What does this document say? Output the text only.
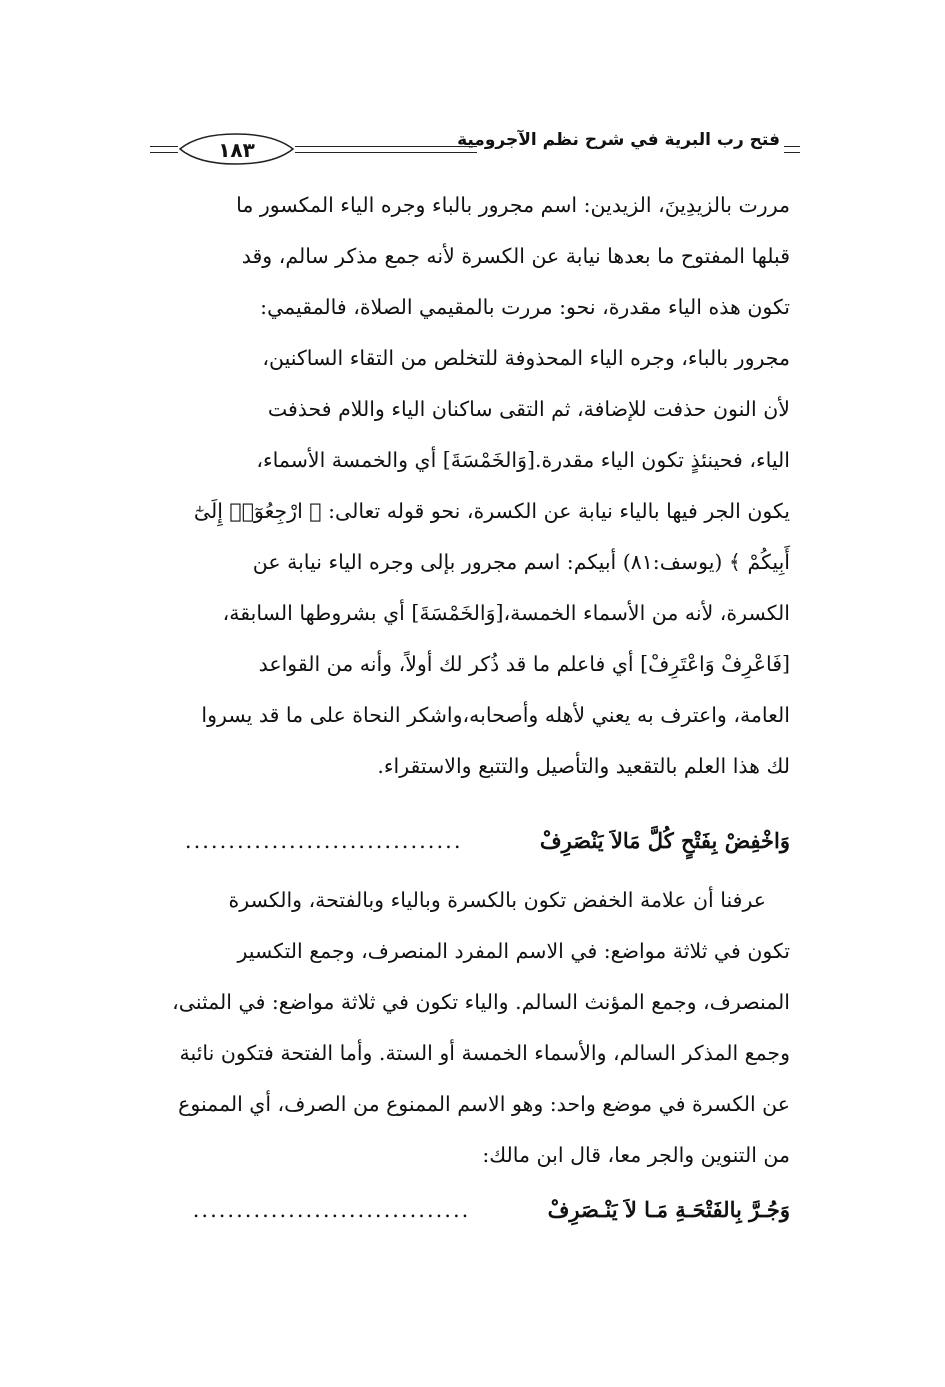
فتح رب البرية في شرح نظم الآجرومية
١٨٣
مررت بالزيدِينَ، الزيدين: اسم مجرور بالباء وجره الياء المكسور ما
قبلها المفتوح ما بعدها نيابة عن الكسرة لأنه جمع مذكر سالم، وقد
تكون هذه الياء مقدرة، نحو: مررت بالمقيمي الصلاة، فالمقيمي:
مجرور بالباء، وجره الياء المحذوفة للتخلص من التقاء الساكنين،
لأن النون حذفت للإضافة، ثم التقى ساكنان الياء واللام فحذفت
الياء، فحينئذٍ تكون الياء مقدرة.[وَالخَمْسَةَ] أي والخمسة الأسماء،
يكون الجر فيها بالياء نيابة عن الكسرة، نحو قوله تعالى: ﴿ ارْجِعُوٓا۟ إِلَىٰٓ
أَبِيكُمْ ﴾ (يوسف:٨١) أبيكم: اسم مجرور بإلى وجره الياء نيابة عن
الكسرة، لأنه من الأسماء الخمسة،[وَالخَمْسَةَ] أي بشروطها السابقة،
[فَاعْرِفْ وَاعْتَرِفْ] أي فاعلم ما قد ذُكر لك أولاً، وأنه من القواعد
العامة، واعترف به يعني لأهله وأصحابه،واشكر النحاة على ما قد يسروا
لك هذا العلم بالتقعيد والتأصيل والتتبع والاستقراء.
وَاخْفِضْ بِفَتْحٍ كُلَّ مَالاَ يَنْصَرِفْ ................................
عرفنا أن علامة الخفض تكون بالكسرة وبالياء وبالفتحة، والكسرة
تكون في ثلاثة مواضع: في الاسم المفرد المنصرف، وجمع التكسير
المنصرف، وجمع المؤنث السالم. والياء تكون في ثلاثة مواضع: في المثنى،
وجمع المذكر السالم، والأسماء الخمسة أو الستة. وأما الفتحة فتكون نائبة
عن الكسرة في موضع واحد: وهو الاسم الممنوع من الصرف، أي الممنوع
من التنوين والجر معا، قال ابن مالك:
وَجُـرَّ بِالفَتْحَـةِ مَـا لاَ يَنْـصَرِفْ ................................
